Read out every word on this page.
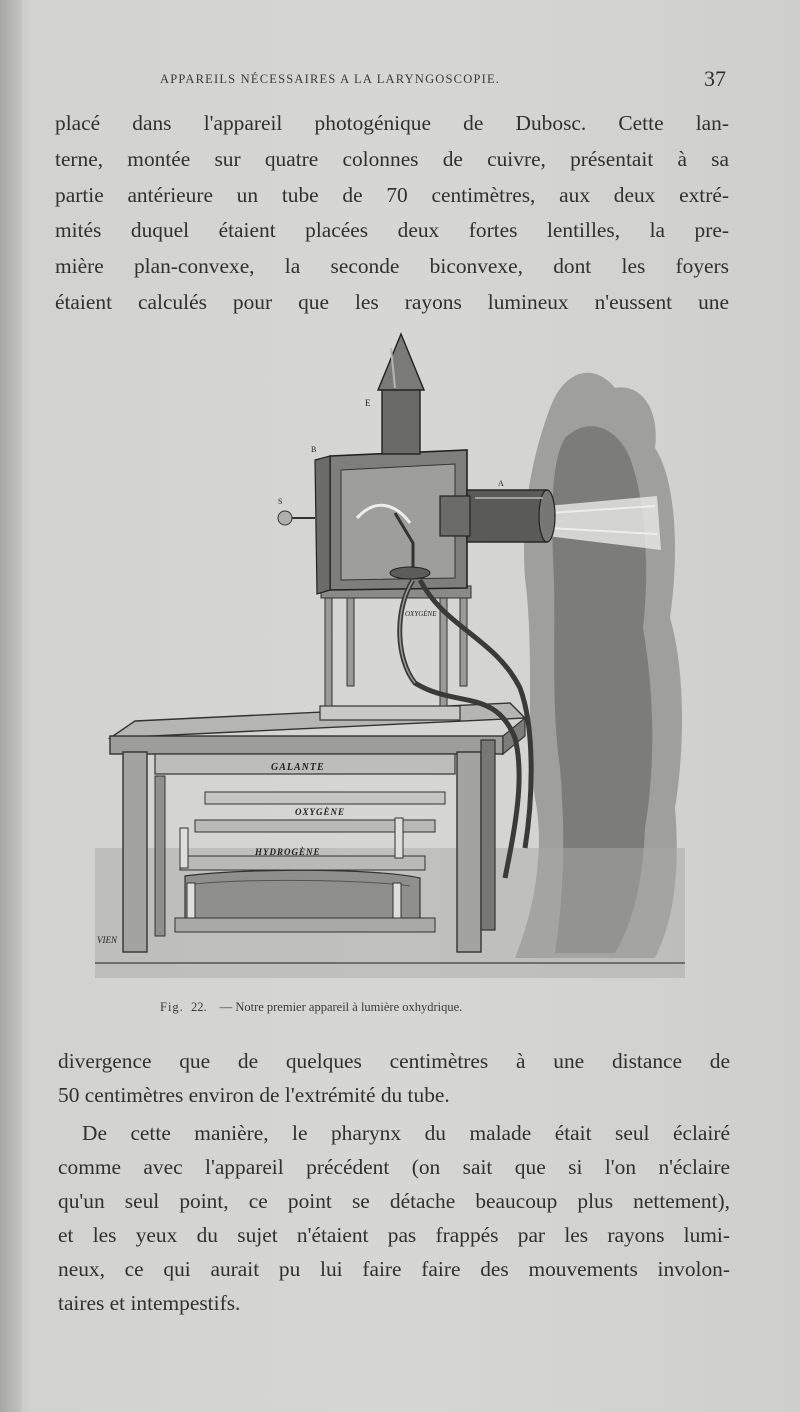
APPAREILS NÉCESSAIRES A LA LARYNGOSCOPIE.	37
placé dans l'appareil photogénique de Dubosc. Cette lan-
terne, montée sur quatre colonnes de cuivre, présentait à sa
partie antérieure un tube de 70 centimètres, aux deux extré-
mités duquel étaient placées deux fortes lentilles, la pre-
mière plan-convexe, la seconde biconvexe, dont les foyers
étaient calculés pour que les rayons lumineux n'eussent une
E
B
S
A
OXYGÈNE
GALANTE
OXYGÈNE
HYDROGÈNE
VIEN
Fig. 22. — Notre premier appareil à lumière oxhydrique.
divergence que de quelques centimètres à une distance de
50 centimètres environ de l'extrémité du tube.
De cette manière, le pharynx du malade était seul éclairé
comme avec l'appareil précédent (on sait que si l'on n'éclaire
qu'un seul point, ce point se détache beaucoup plus nettement),
et les yeux du sujet n'étaient pas frappés par les rayons lumi-
neux, ce qui aurait pu lui faire faire des mouvements involon-
taires et intempestifs.
